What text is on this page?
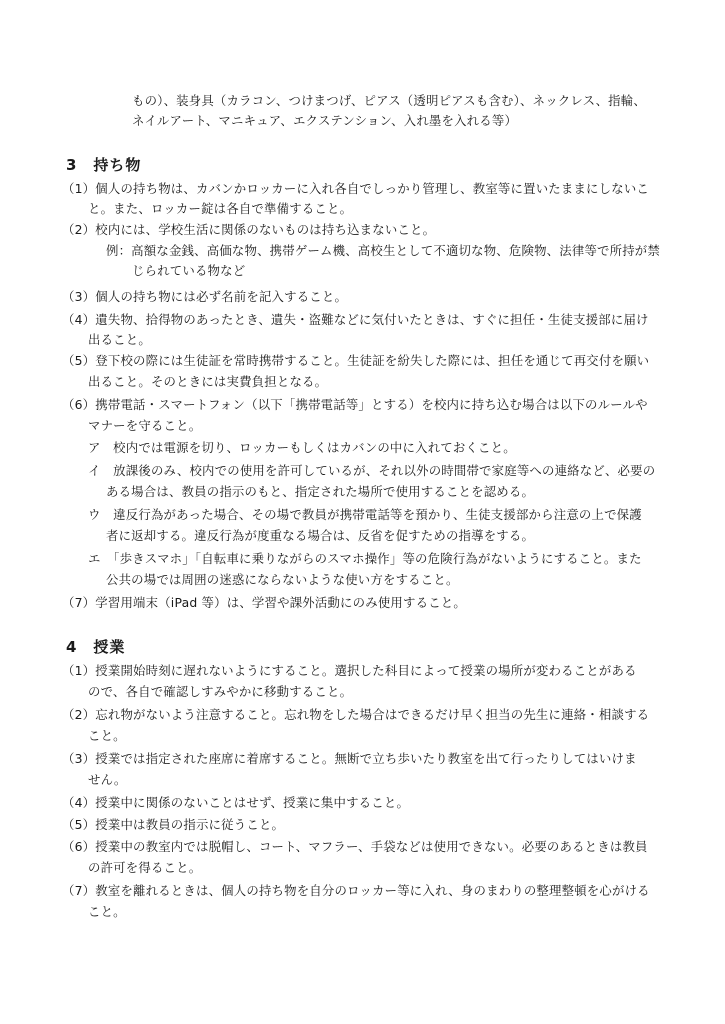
もの）、装身具（カラコン、つけまつげ、ピアス（透明ピアスも含む）、ネックレス、指輪、
ネイルアート、マニキュア、エクステンション、入れ墨を入れる等）
3　持ち物
（1）個人の持ち物は、カバンかロッカーに入れ各自でしっかり管理し、教室等に置いたままにしないこ
と。また、ロッカー錠は各自で準備すること。
（2）校内には、学校生活に関係のないものは持ち込まないこと。
例：高額な金銭、高価な物、携帯ゲーム機、高校生として不適切な物、危険物、法律等で所持が禁
じられている物など
（3）個人の持ち物には必ず名前を記入すること。
（4）遺失物、拾得物のあったとき、遺失・盗難などに気付いたときは、すぐに担任・生徒支援部に届け
出ること。
（5）登下校の際には生徒証を常時携帯すること。生徒証を紛失した際には、担任を通じて再交付を願い
出ること。そのときには実費負担となる。
（6）携帯電話・スマートフォン（以下「携帯電話等」とする）を校内に持ち込む場合は以下のルールや
マナーを守ること。
ア　校内では電源を切り、ロッカーもしくはカバンの中に入れておくこと。
イ　放課後のみ、校内での使用を許可しているが、それ以外の時間帯で家庭等への連絡など、必要の
ある場合は、教員の指示のもと、指定された場所で使用することを認める。
ウ　違反行為があった場合、その場で教員が携帯電話等を預かり、生徒支援部から注意の上で保護
者に返却する。違反行為が度重なる場合は、反省を促すための指導をする。
エ　「歩きスマホ」「自転車に乗りながらのスマホ操作」等の危険行為がないようにすること。また
公共の場では周囲の迷惑にならないような使い方をすること。
（7）学習用端末（iPad 等）は、学習や課外活動にのみ使用すること。
4　授業
（1）授業開始時刻に遅れないようにすること。選択した科目によって授業の場所が変わることがある
ので、各自で確認しすみやかに移動すること。
（2）忘れ物がないよう注意すること。忘れ物をした場合はできるだけ早く担当の先生に連絡・相談する
こと。
（3）授業では指定された座席に着席すること。無断で立ち歩いたり教室を出て行ったりしてはいけま
せん。
（4）授業中に関係のないことはせず、授業に集中すること。
（5）授業中は教員の指示に従うこと。
（6）授業中の教室内では脱帽し、コート、マフラー、手袋などは使用できない。必要のあるときは教員
の許可を得ること。
（7）教室を離れるときは、個人の持ち物を自分のロッカー等に入れ、身のまわりの整理整頓を心がける
こと。
